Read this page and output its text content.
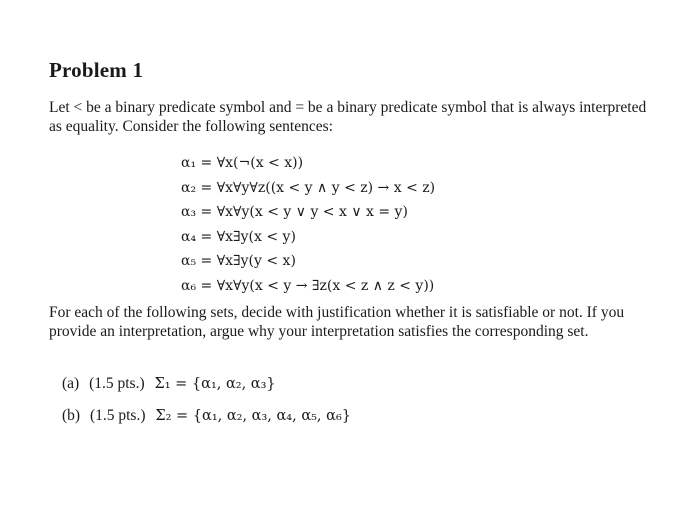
Problem 1
Let < be a binary predicate symbol and = be a binary predicate symbol that is always interpreted as equality. Consider the following sentences:
α₁ = ∀x(¬(x < x))
α₂ = ∀x∀y∀z((x < y ∧ y < z) → x < z)
α₃ = ∀x∀y(x < y ∨ y < x ∨ x = y)
α₄ = ∀x∃y(x < y)
α₅ = ∀x∃y(y < x)
α₆ = ∀x∀y(x < y → ∃z(x < z ∧ z < y))
For each of the following sets, decide with justification whether it is satisfiable or not. If you provide an interpretation, argue why your interpretation satisfies the corresponding set.
(a) (1.5 pts.) Σ₁ = {α₁, α₂, α₃}
(b) (1.5 pts.) Σ₂ = {α₁, α₂, α₃, α₄, α₅, α₆}
